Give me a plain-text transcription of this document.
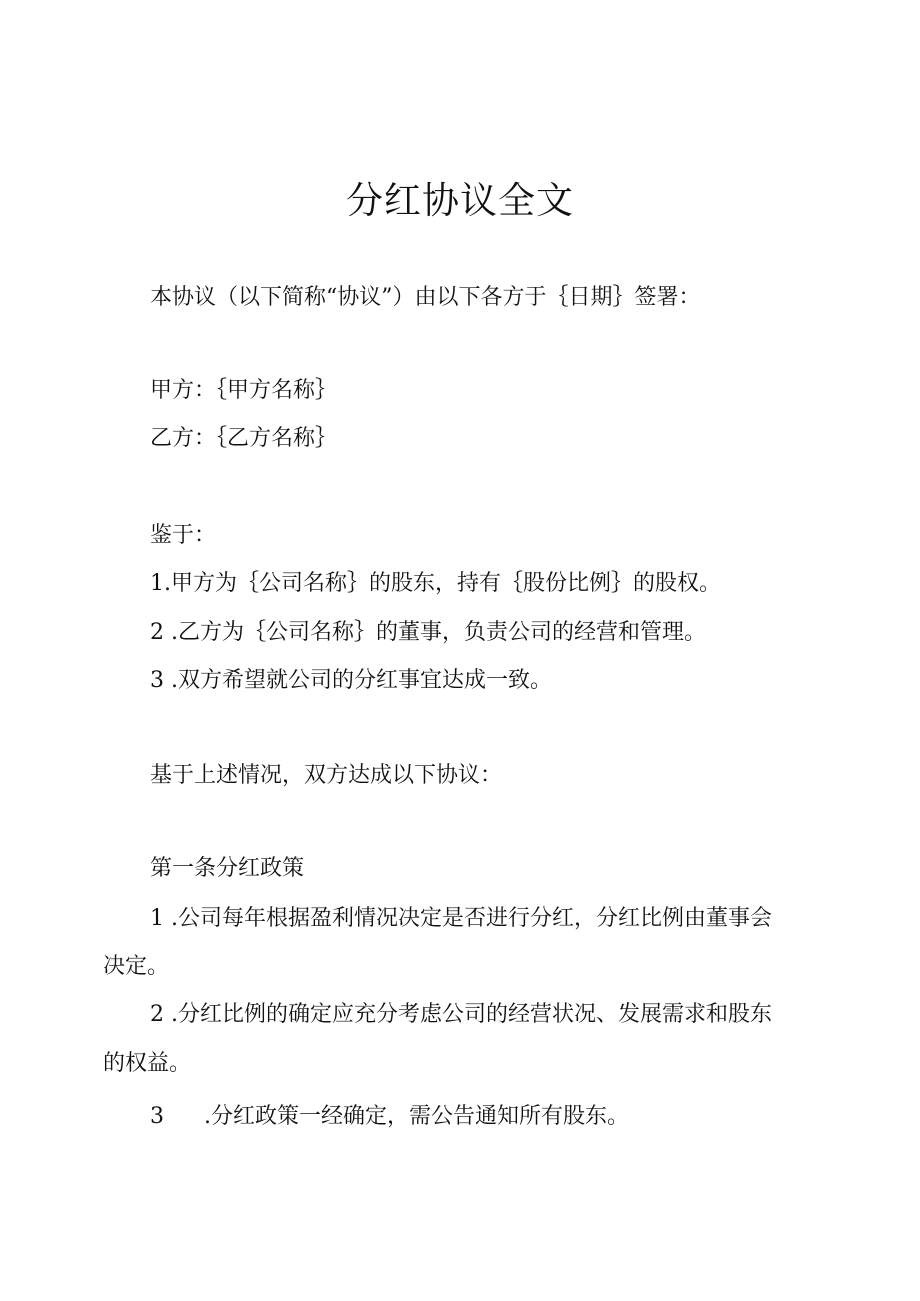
分红协议全文
本协议（以下简称“协议”）由以下各方于｛日期｝签署：
甲方：｛甲方名称｝
乙方：｛乙方名称｝
鉴于：
1.甲方为｛公司名称｝的股东，持有｛股份比例｝的股权。
2 .乙方为｛公司名称｝的董事，负责公司的经营和管理。
3 .双方希望就公司的分红事宜达成一致。
基于上述情况，双方达成以下协议：
第一条分红政策
1 .公司每年根据盈利情况决定是否进行分红，分红比例由董事会
决定。
2 .分红比例的确定应充分考虑公司的经营状况、发展需求和股东
的权益。
3 .分红政策一经确定，需公告通知所有股东。
